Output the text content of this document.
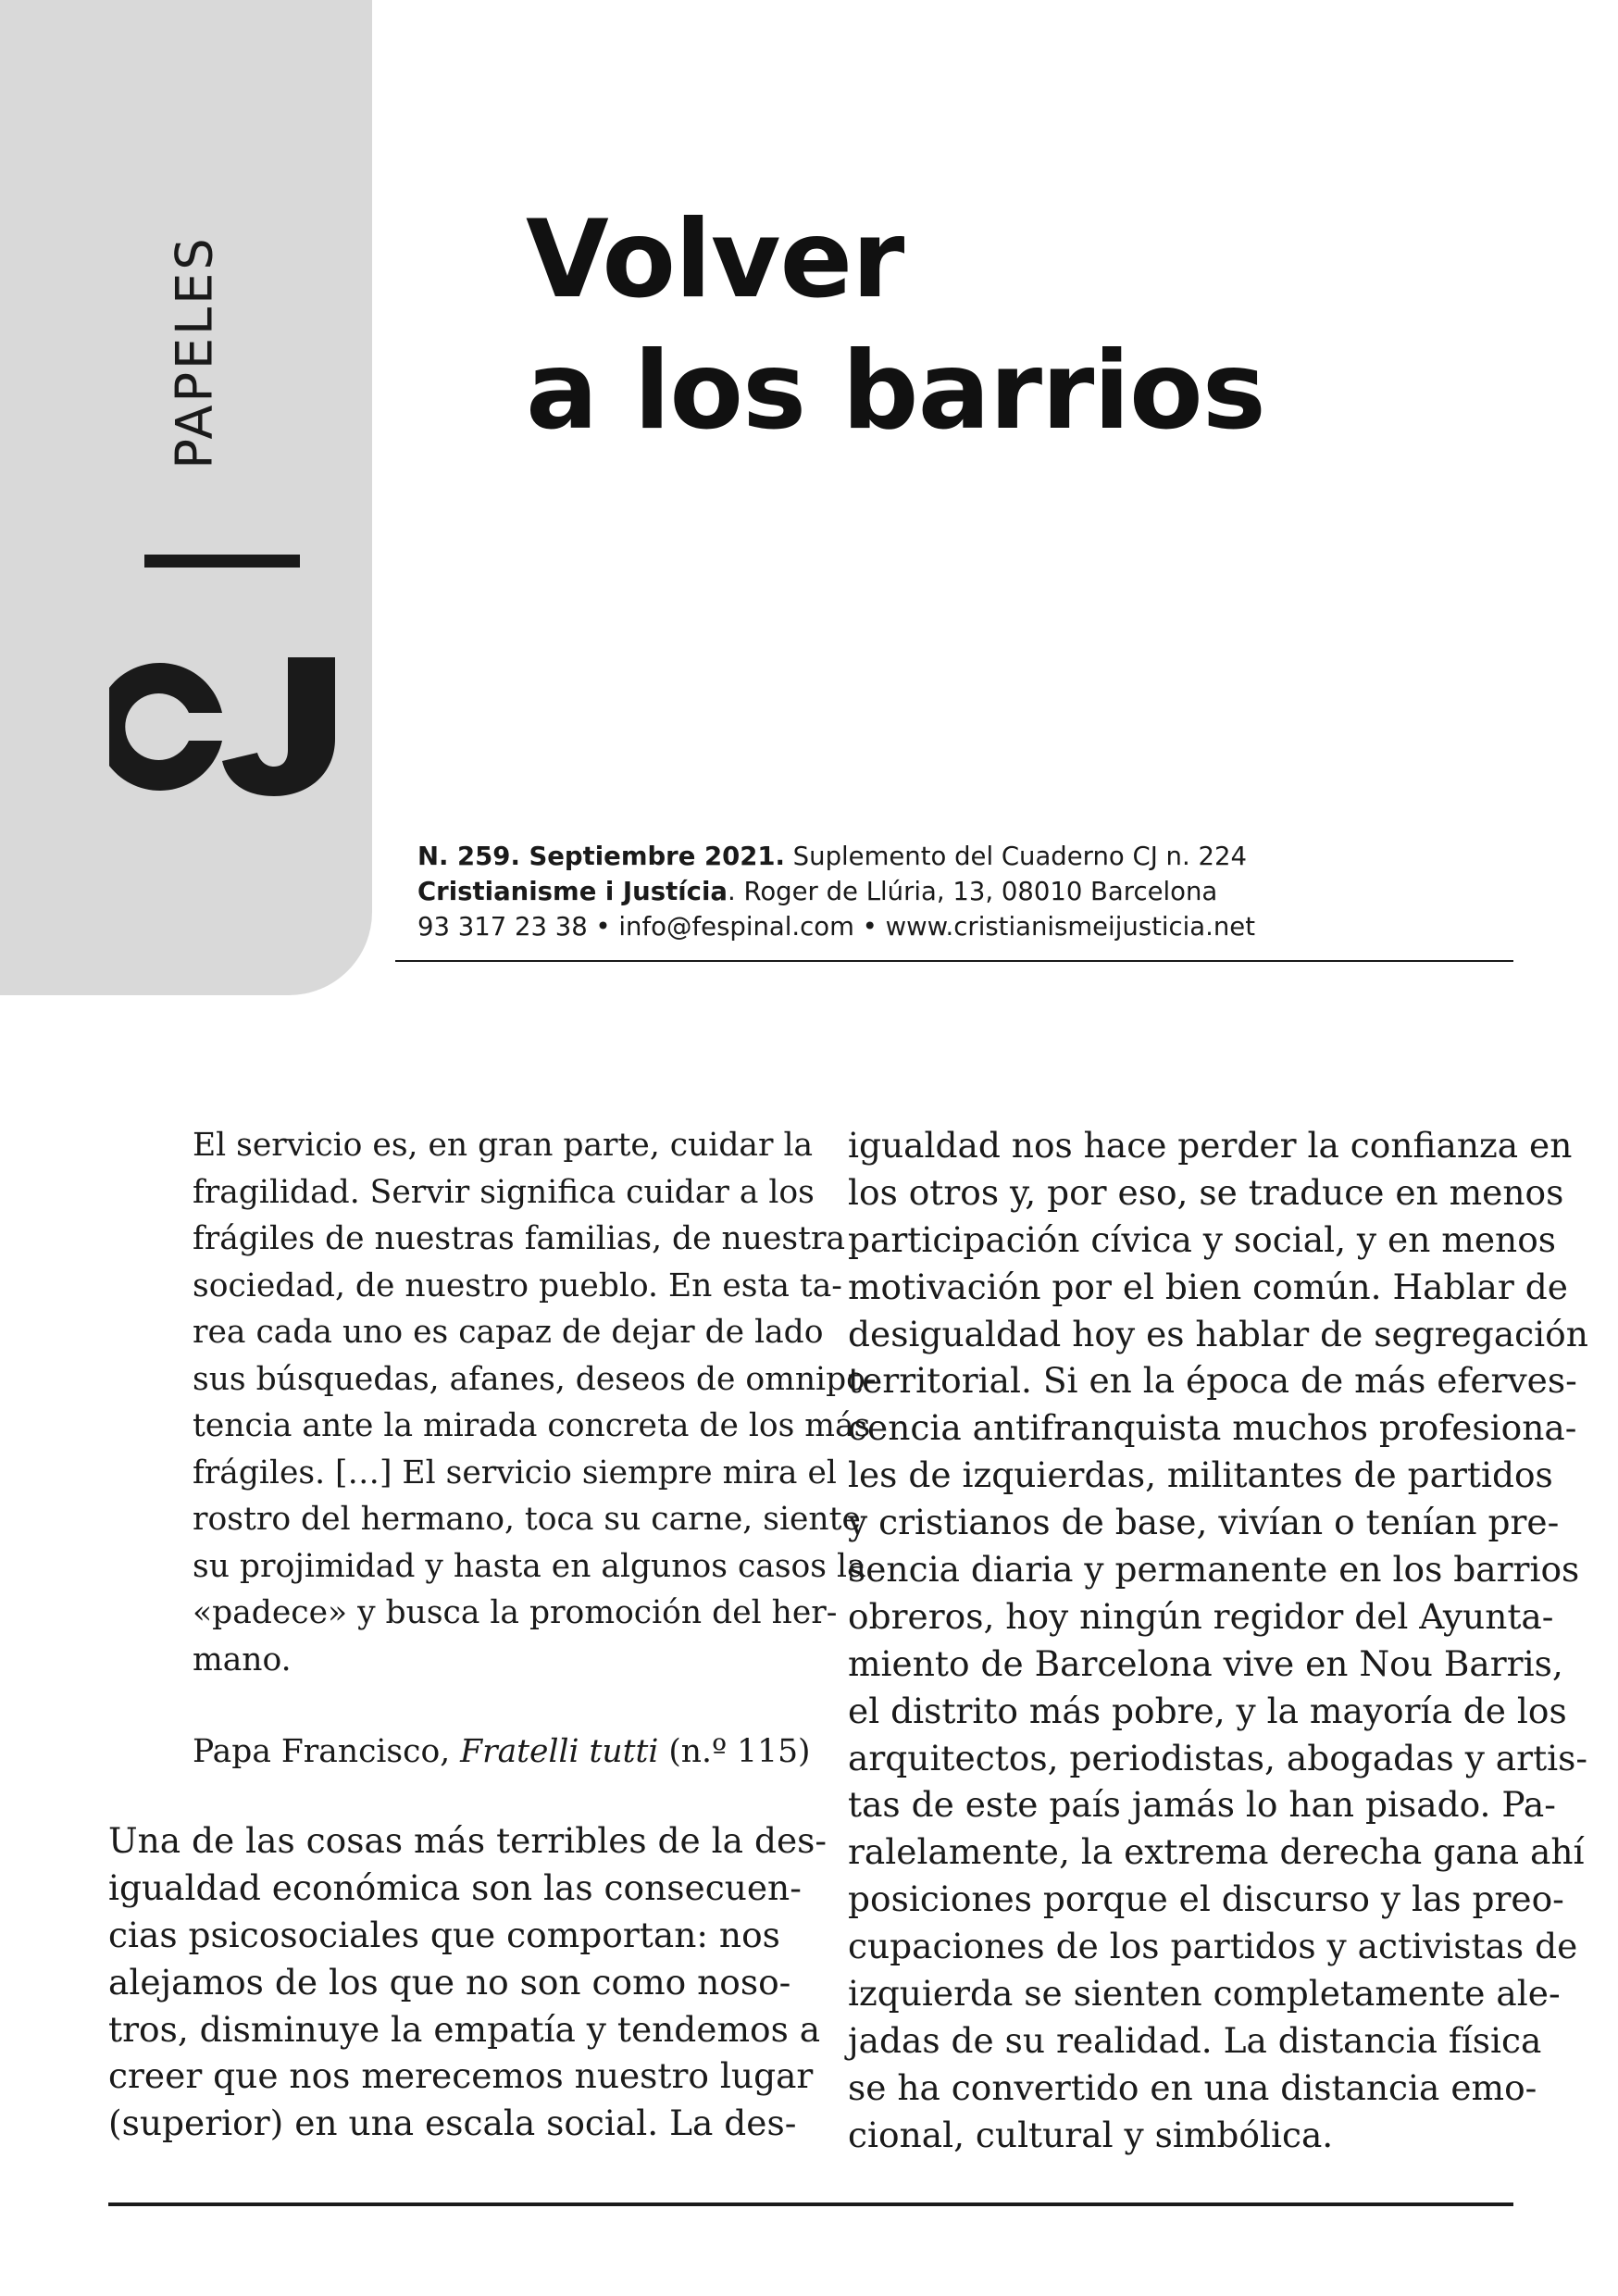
PAPELES	Volver
a los barrios
N. 259. Septiembre 2021. Suplemento del Cuaderno CJ n. 224
Cristianisme i Justícia. Roger de Llúria, 13, 08010 Barcelona
93 317 23 38 • info@fespinal.com • www.cristianismeijusticia.net
El servicio es, en gran parte, cuidar la
fragilidad. Servir significa cuidar a los
frágiles de nuestras familias, de nuestra
sociedad, de nuestro pueblo. En esta ta-
rea cada uno es capaz de dejar de lado
sus búsquedas, afanes, deseos de omnipo-
tencia ante la mirada concreta de los más
frágiles. […] El servicio siempre mira el
rostro del hermano, toca su carne, siente
su projimidad y hasta en algunos casos la
«padece» y busca la promoción del her-
mano.
Papa Francisco, Fratelli tutti (n.º 115)
Una de las cosas más terribles de la des-
igualdad económica son las consecuen-
cias psicosociales que comportan: nos
alejamos de los que no son como noso-
tros, disminuye la empatía y tendemos a
creer que nos merecemos nuestro lugar
(superior) en una escala social. La des-
igualdad nos hace perder la confianza en
los otros y, por eso, se traduce en menos
participación cívica y social, y en menos
motivación por el bien común. Hablar de
desigualdad hoy es hablar de segregación
territorial. Si en la época de más eferves-
cencia antifranquista muchos profesiona-
les de izquierdas, militantes de partidos
y cristianos de base, vivían o tenían pre-
sencia diaria y permanente en los barrios
obreros, hoy ningún regidor del Ayunta-
miento de Barcelona vive en Nou Barris,
el distrito más pobre, y la mayoría de los
arquitectos, periodistas, abogadas y artis-
tas de este país jamás lo han pisado. Pa-
ralelamente, la extrema derecha gana ahí
posiciones porque el discurso y las preo-
cupaciones de los partidos y activistas de
izquierda se sienten completamente ale-
jadas de su realidad. La distancia física
se ha convertido en una distancia emo-
cional, cultural y simbólica.
